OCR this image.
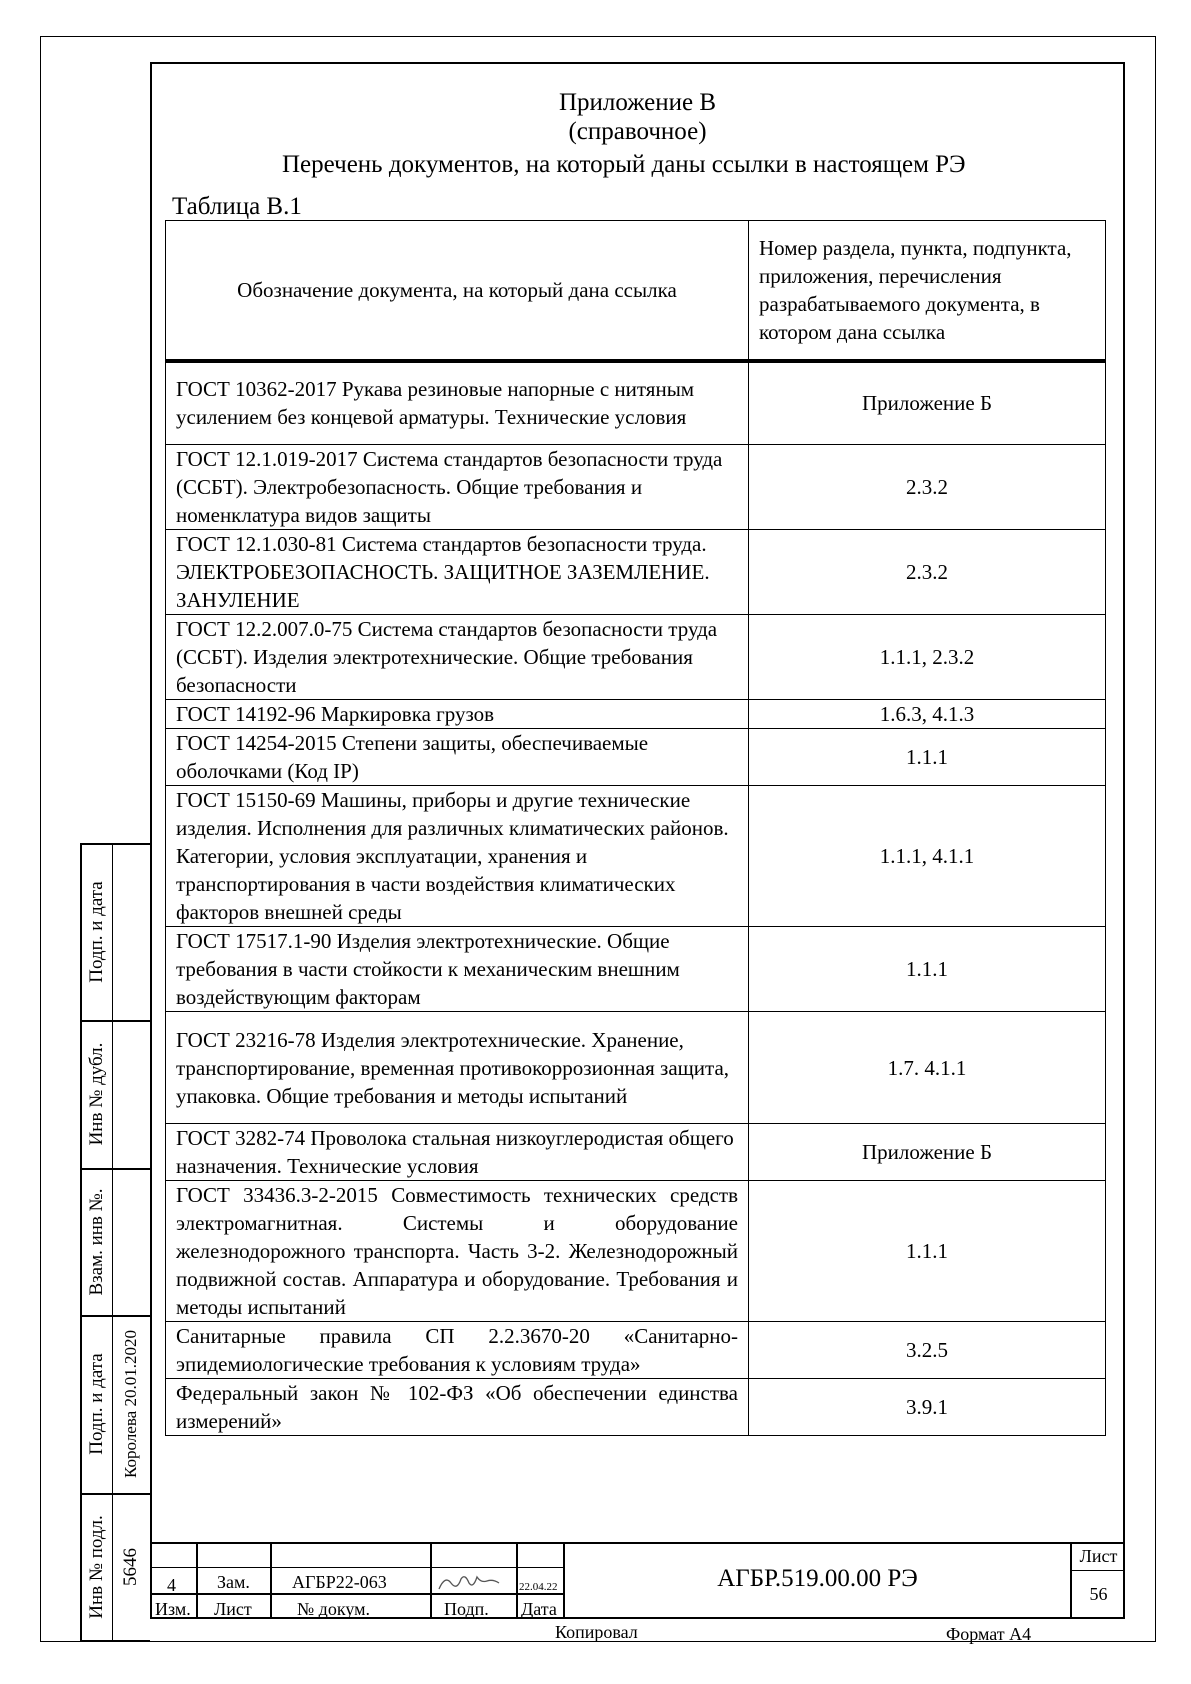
Приложение В
(справочное)
Перечень документов, на который даны ссылки в настоящем РЭ
Таблица В.1
Обозначение документа, на который дана ссылка	Номер раздела, пункта, подпункта, приложения, перечисления разрабатываемого документа, в котором дана ссылка
ГОСТ 10362-2017 Рукава резиновые напорные с нитяным усилением без концевой арматуры. Технические условия	Приложение Б
ГОСТ 12.1.019-2017 Система стандартов безопасности труда (ССБТ). Электробезопасность. Общие требования и номенклатура видов защиты	2.3.2
ГОСТ 12.1.030-81 Система стандартов безопасности труда. ЭЛЕКТРОБЕЗОПАСНОСТЬ. ЗАЩИТНОЕ ЗАЗЕМЛЕНИЕ. ЗАНУЛЕНИЕ	2.3.2
ГОСТ 12.2.007.0-75 Система стандартов безопасности труда (ССБТ). Изделия электротехнические. Общие требования безопасности	1.1.1, 2.3.2
ГОСТ 14192-96 Маркировка грузов	1.6.3, 4.1.3
ГОСТ 14254-2015 Степени защиты, обеспечиваемые оболочками (Код IP)	1.1.1
ГОСТ 15150-69 Машины, приборы и другие технические изделия. Исполнения для различных климатических районов. Категории, условия эксплуатации, хранения и транспортирования в части воздействия климатических факторов внешней среды	1.1.1, 4.1.1
ГОСТ 17517.1-90 Изделия электротехнические. Общие требования в части стойкости к механическим внешним воздействующим факторам	1.1.1
ГОСТ 23216-78 Изделия электротехнические. Хранение, транспортирование, временная противокоррозионная защита, упаковка. Общие требования и методы испытаний	1.7. 4.1.1
ГОСТ 3282-74 Проволока стальная низкоуглеродистая общего назначения. Технические условия	Приложение Б
ГОСТ 33436.3-2-2015 Совместимость технических средств электромагнитная. Системы и оборудование железнодорожного транспорта. Часть 3-2. Железнодорожный подвижной состав. Аппаратура и оборудование. Требования и методы испытаний	1.1.1
Санитарные правила СП 2.2.3670-20 «Санитарно-эпидемиологические требования к условиям труда»	3.2.5
Федеральный закон № 102-ФЗ «Об обеспечении единства измерений»	3.9.1
Подп. и дата
Инв № дубл.
Взам. инв №.
Подп. и дата Королева 20.01.2020
Инв № подл. 5646 4 Зам. АГБР22-063	22.04.22
Изм. Лист	№ докум.	Подп. Дата
АГБР.519.00.00 РЭ
Лист
56
Копировал	Формат А4
